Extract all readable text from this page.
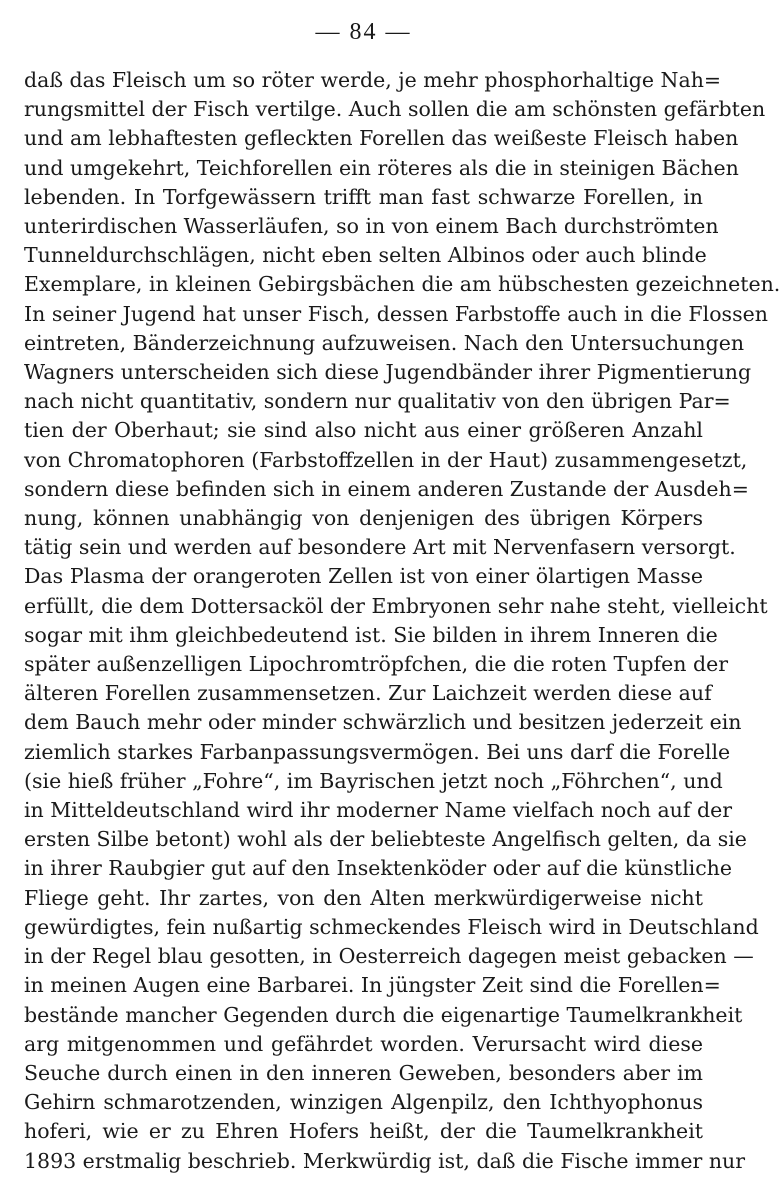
— 84 —
daß das Fleisch um so röter werde, je mehr phosphorhaltige Nah=
rungsmittel der Fisch vertilge. Auch sollen die am schönsten gefärbten
und am lebhaftesten gefleckten Forellen das weißeste Fleisch haben
und umgekehrt, Teichforellen ein röteres als die in steinigen Bächen
lebenden. In Torfgewässern trifft man fast schwarze Forellen, in
unterirdischen Wasserläufen, so in von einem Bach durchströmten
Tunneldurchschlägen, nicht eben selten Albinos oder auch blinde
Exemplare, in kleinen Gebirgsbächen die am hübschesten gezeichneten.
In seiner Jugend hat unser Fisch, dessen Farbstoffe auch in die Flossen
eintreten, Bänderzeichnung aufzuweisen. Nach den Untersuchungen
Wagners unterscheiden sich diese Jugendbänder ihrer Pigmentierung
nach nicht quantitativ, sondern nur qualitativ von den übrigen Par=
tien der Oberhaut; sie sind also nicht aus einer größeren Anzahl
von Chromatophoren (Farbstoffzellen in der Haut) zusammengesetzt,
sondern diese befinden sich in einem anderen Zustande der Ausdeh=
nung, können unabhängig von denjenigen des übrigen Körpers
tätig sein und werden auf besondere Art mit Nervenfasern versorgt.
Das Plasma der orangeroten Zellen ist von einer ölartigen Masse
erfüllt, die dem Dottersacköl der Embryonen sehr nahe steht, vielleicht
sogar mit ihm gleichbedeutend ist. Sie bilden in ihrem Inneren die
später außenzelligen Lipochromtröpfchen, die die roten Tupfen der
älteren Forellen zusammensetzen. Zur Laichzeit werden diese auf
dem Bauch mehr oder minder schwärzlich und besitzen jederzeit ein
ziemlich starkes Farbanpassungsvermögen. Bei uns darf die Forelle
(sie hieß früher „Fohre“, im Bayrischen jetzt noch „Föhrchen“, und
in Mitteldeutschland wird ihr moderner Name vielfach noch auf der
ersten Silbe betont) wohl als der beliebteste Angelfisch gelten, da sie
in ihrer Raubgier gut auf den Insektenköder oder auf die künstliche
Fliege geht. Ihr zartes, von den Alten merkwürdigerweise nicht
gewürdigtes, fein nußartig schmeckendes Fleisch wird in Deutschland
in der Regel blau gesotten, in Oesterreich dagegen meist gebacken —
in meinen Augen eine Barbarei. In jüngster Zeit sind die Forellen=
bestände mancher Gegenden durch die eigenartige Taumelkrankheit
arg mitgenommen und gefährdet worden. Verursacht wird diese
Seuche durch einen in den inneren Geweben, besonders aber im
Gehirn schmarotzenden, winzigen Algenpilz, den Ichthyophonus
hoferi, wie er zu Ehren Hofers heißt, der die Taumelkrankheit
1893 erstmalig beschrieb. Merkwürdig ist, daß die Fische immer nur
